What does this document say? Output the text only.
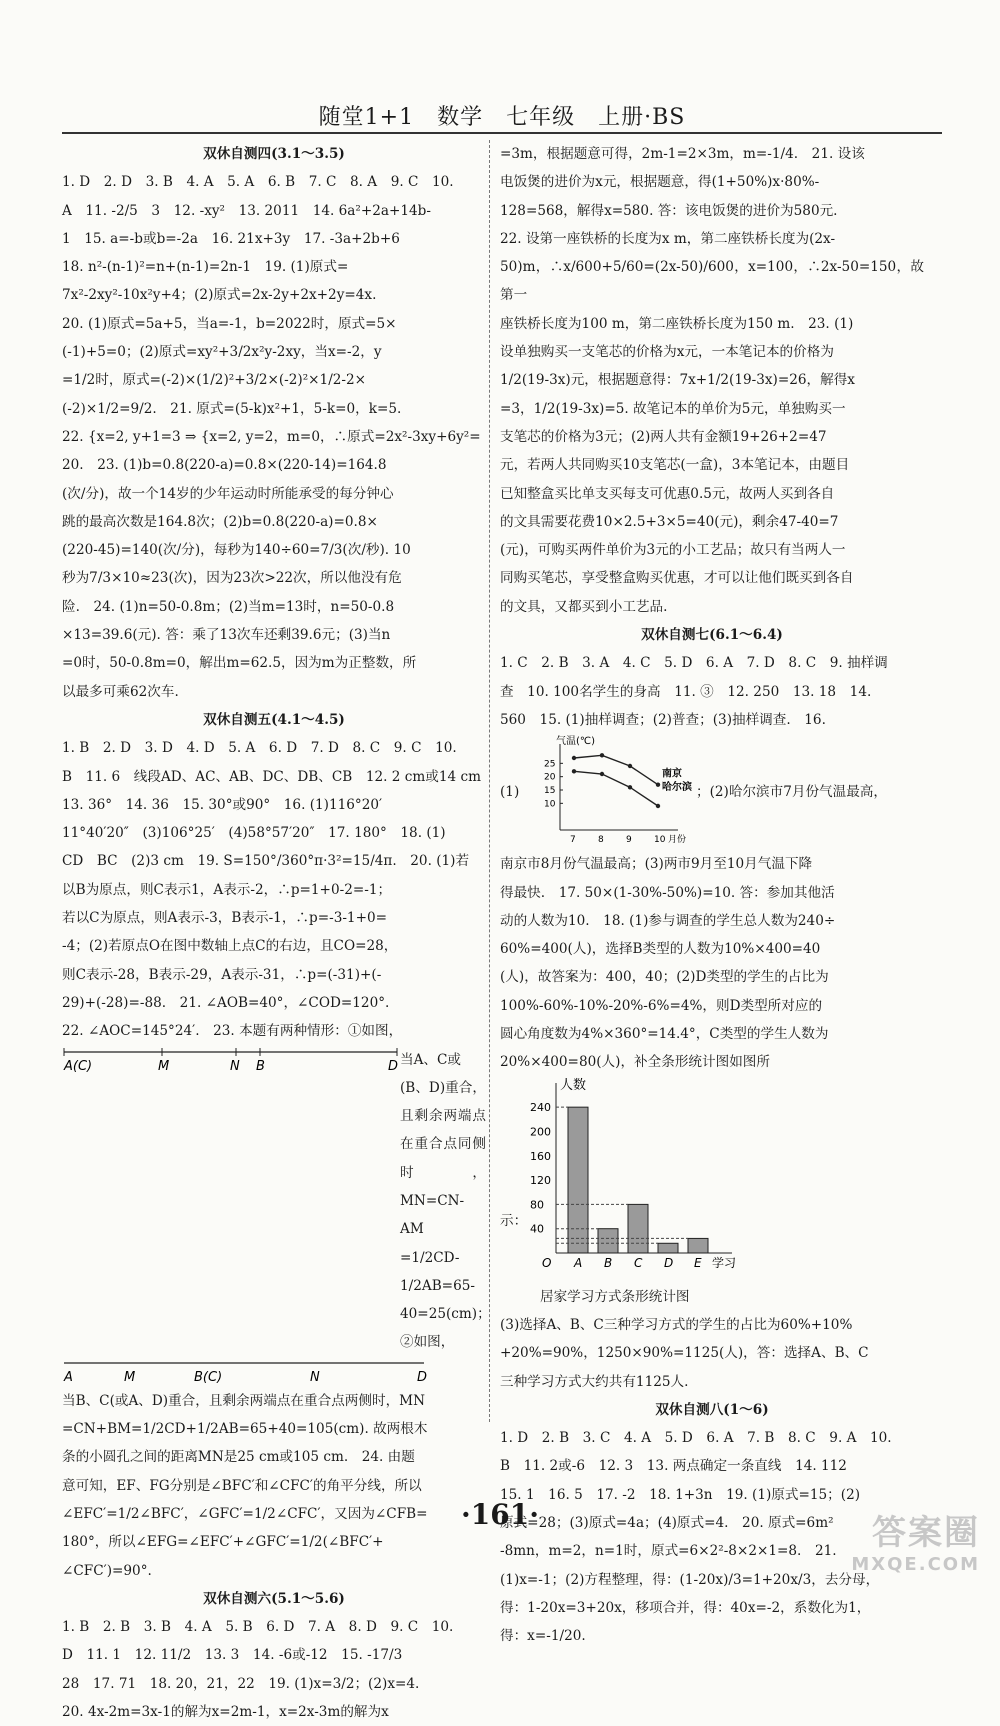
随堂1+1　数学　七年级　上册·BS
双休自测四(3.1～3.5)
1. D　2. D　3. B　4. A　5. A　6. B　7. C　8. A　9. C　10.
A　11. -2/5　3　12. -xy²　13. 2011　14. 6a²+2a+14b-
1　15. a=-b或b=-2a　16. 21x+3y　17. -3a+2b+6
18. n²-(n-1)²=n+(n-1)=2n-1　19. (1)原式=
7x²-2xy²-10x²y+4；(2)原式=2x-2y+2x+2y=4x.
20. (1)原式=5a+5，当a=-1，b=2022时，原式=5×
(-1)+5=0；(2)原式=xy²+3/2x²y-2xy，当x=-2，y
=1/2时，原式=(-2)×(1/2)²+3/2×(-2)²×1/2-2×
(-2)×1/2=9/2.　21. 原式=(5-k)x²+1，5-k=0，k=5.
22. {x=2, y+1=3 ⇒ {x=2, y=2，m=0，∴原式=2x²-3xy+6y²=
20.　23. (1)b=0.8(220-a)=0.8×(220-14)=164.8
(次/分)，故一个14岁的少年运动时所能承受的每分钟心
跳的最高次数是164.8次；(2)b=0.8(220-a)=0.8×
(220-45)=140(次/分)，每秒为140÷60=7/3(次/秒). 10
秒为7/3×10≈23(次)，因为23次>22次，所以他没有危
险.　24. (1)n=50-0.8m；(2)当m=13时，n=50-0.8
×13=39.6(元). 答：乘了13次车还剩39.6元；(3)当n
=0时，50-0.8m=0，解出m=62.5，因为m为正整数，所
以最多可乘62次车.
双休自测五(4.1～4.5)
1. B　2. D　3. D　4. D　5. A　6. D　7. D　8. C　9. C　10.
B　11. 6　线段AD、AC、AB、DC、DB、CB　12. 2 cm或14 cm
13. 36°　14. 36　15. 30°或90°　16. (1)116°20′
11°40′20″　(3)106°25′　(4)58°57′20″　17. 180°　18. (1)
CD　BC　(2)3 cm　19. S=150°/360°π·3²=15/4π.　20. (1)若
以B为原点，则C表示1，A表示-2，∴p=1+0-2=-1；
若以C为原点，则A表示-3，B表示-1，∴p=-3-1+0=
-4；(2)若原点O在图中数轴上点C的右边，且CO=28，
则C表示-28，B表示-29，A表示-31，∴p=(-31)+(-
29)+(-28)=-88.　21. ∠AOB=40°，∠COD=120°.
22. ∠AOC=145°24′.　23. 本题有两种情形：①如图，
A(C)	M	N B	D 当A、C或
(B、D)重合，且剩余两端点在重合点同侧时，MN=CN-AM
=1/2CD-1/2AB=65-40=25(cm)；②如图，
A	M	B(C)	N	D
当B、C(或A、D)重合，且剩余两端点在重合点两侧时，MN
=CN+BM=1/2CD+1/2AB=65+40=105(cm). 故两根木
条的小圆孔之间的距离MN是25 cm或105 cm.　24. 由题
意可知，EF、FG分别是∠BFC′和∠CFC′的角平分线，所以
∠EFC′=1/2∠BFC′，∠GFC′=1/2∠CFC′，又因为∠CFB=
180°，所以∠EFG=∠EFC′+∠GFC′=1/2(∠BFC′+
∠CFC′)=90°.
双休自测六(5.1～5.6)
1. B　2. B　3. B　4. A　5. B　6. D　7. A　8. D　9. C　10.
D　11. 1　12. 11/2　13. 3　14. -6或-12　15. -17/3
28　17. 71　18. 20，21，22　19. (1)x=3/2；(2)x=4.
20. 4x-2m=3x-1的解为x=2m-1，x=2x-3m的解为x
=3m，根据题意可得，2m-1=2×3m，m=-1/4.　21. 设该
电饭煲的进价为x元，根据题意，得(1+50%)x·80%-
128=568，解得x=580. 答：该电饭煲的进价为580元.
22. 设第一座铁桥的长度为x m，第二座铁桥长度为(2x-
50)m，∴x/600+5/60=(2x-50)/600，x=100，∴2x-50=150，故第一
座铁桥长度为100 m，第二座铁桥长度为150 m.　23. (1)
设单独购买一支笔芯的价格为x元，一本笔记本的价格为
1/2(19-3x)元，根据题意得：7x+1/2(19-3x)=26，解得x
=3，1/2(19-3x)=5. 故笔记本的单价为5元，单独购买一
支笔芯的价格为3元；(2)两人共有金额19+26+2=47
元，若两人共同购买10支笔芯(一盒)，3本笔记本，由题目
已知整盒买比单支买每支可优惠0.5元，故两人买到各自
的文具需要花费10×2.5+3×5=40(元)，剩余47-40=7
(元)，可购买两件单价为3元的小工艺品；故只有当两人一
同购买笔芯，享受整盒购买优惠，才可以让他们既买到各自
的文具，又都买到小工艺品.
双休自测七(6.1～6.4)
1. C　2. B　3. A　4. C　5. D　6. A　7. D　8. C　9. 抽样调
查　10. 100名学生的身高　11. ③　12. 250　13. 18　14.
560　15. (1)抽样调查；(2)普查；(3)抽样调查.　16.
(1)
气温(℃)
月份
10
15
20
25
7 8 9 10
南京
哈尔滨 ；(2)哈尔滨市7月份气温最高，
南京市8月份气温最高；(3)两市9月至10月气温下降
得最快.　17. 50×(1-30%-50%)=10. 答：参加其他活
动的人数为10.　18. (1)参与调查的学生总人数为240÷
60%=400(人)，选择B类型的人数为10%×400=40
(人)，故答案为：400，40；(2)D类型的学生的占比为
100%-60%-10%-20%-6%=4%，则D类型所对应的
圆心角度数为4%×360°=14.4°，C类型的学生人数为
20%×400=80(人)，补全条形统计图如图所
示：
人数
学习
O
40
80
120
160
200
240
A B C D E
居家学习方式条形统计图
(3)选择A、B、C三种学习方式的学生的占比为60%+10%
+20%=90%，1250×90%=1125(人)，答：选择A、B、C
三种学习方式大约共有1125人.
双休自测八(1～6)
1. D　2. B　3. C　4. A　5. D　6. A　7. B　8. C　9. A　10.
B　11. 2或-6　12. 3　13. 两点确定一条直线　14. 112
15. 1　16. 5　17. -2　18. 1+3n　19. (1)原式=15；(2)
原式=28；(3)原式=4a；(4)原式=4.　20. 原式=6m²
-8mn，m=2，n=1时，原式=6×2²-8×2×1=8.　21.
(1)x=-1；(2)方程整理，得：(1-20x)/3=1+20x/3，去分母，
得：1-20x=3+20x，移项合并，得：40x=-2，系数化为1，
得：x=-1/20.
·161·	答案圈
MXQE.COM
